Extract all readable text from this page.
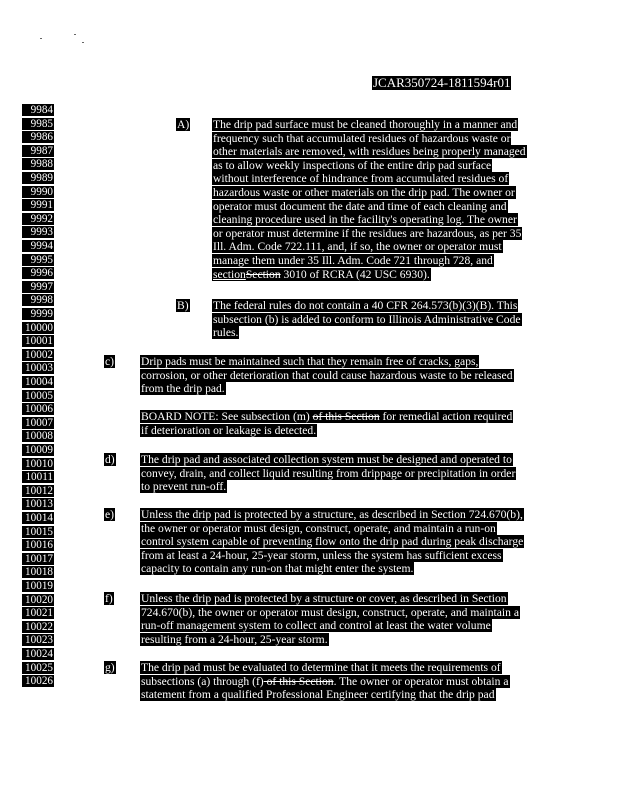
JCAR350724-1811594r01
9984
9985
9986
9987
9988
9989
9990
9991
9992
9993
9994
9995
9996
9997
9998
9999
10000
10001
10002
10003
10004
10005
10006
10007
10008
10009
10010
10011
10012
10013
10014
10015
10016
10017
10018
10019
10020
10021
10022
10023
10024
10025
10026
A) The drip pad surface must be cleaned thoroughly in a manner and
frequency such that accumulated residues of hazardous waste or
other materials are removed, with residues being properly managed
as to allow weekly inspections of the entire drip pad surface
without interference of hindrance from accumulated residues of
hazardous waste or other materials on the drip pad. The owner or
operator must document the date and time of each cleaning and
cleaning procedure used in the facility's operating log. The owner
or operator must determine if the residues are hazardous, as per 35
Ill. Adm. Code 722.111, and, if so, the owner or operator must
manage them under 35 Ill. Adm. Code 721 through 728, and
sectionSection 3010 of RCRA (42 USC 6930).
B) The federal rules do not contain a 40 CFR 264.573(b)(3)(B). This
subsection (b) is added to conform to Illinois Administrative Code
rules.
c) Drip pads must be maintained such that they remain free of cracks, gaps,
corrosion, or other deterioration that could cause hazardous waste to be released
from the drip pad.
BOARD NOTE: See subsection (m) of this Section for remedial action required
if deterioration or leakage is detected.
d) The drip pad and associated collection system must be designed and operated to
convey, drain, and collect liquid resulting from drippage or precipitation in order
to prevent run-off.
e) Unless the drip pad is protected by a structure, as described in Section 724.670(b),
the owner or operator must design, construct, operate, and maintain a run-on
control system capable of preventing flow onto the drip pad during peak discharge
from at least a 24-hour, 25-year storm, unless the system has sufficient excess
capacity to contain any run-on that might enter the system.
f) Unless the drip pad is protected by a structure or cover, as described in Section
724.670(b), the owner or operator must design, construct, operate, and maintain a
run-off management system to collect and control at least the water volume
resulting from a 24-hour, 25-year storm.
g) The drip pad must be evaluated to determine that it meets the requirements of
subsections (a) through (f) of this Section. The owner or operator must obtain a
statement from a qualified Professional Engineer certifying that the drip pad
